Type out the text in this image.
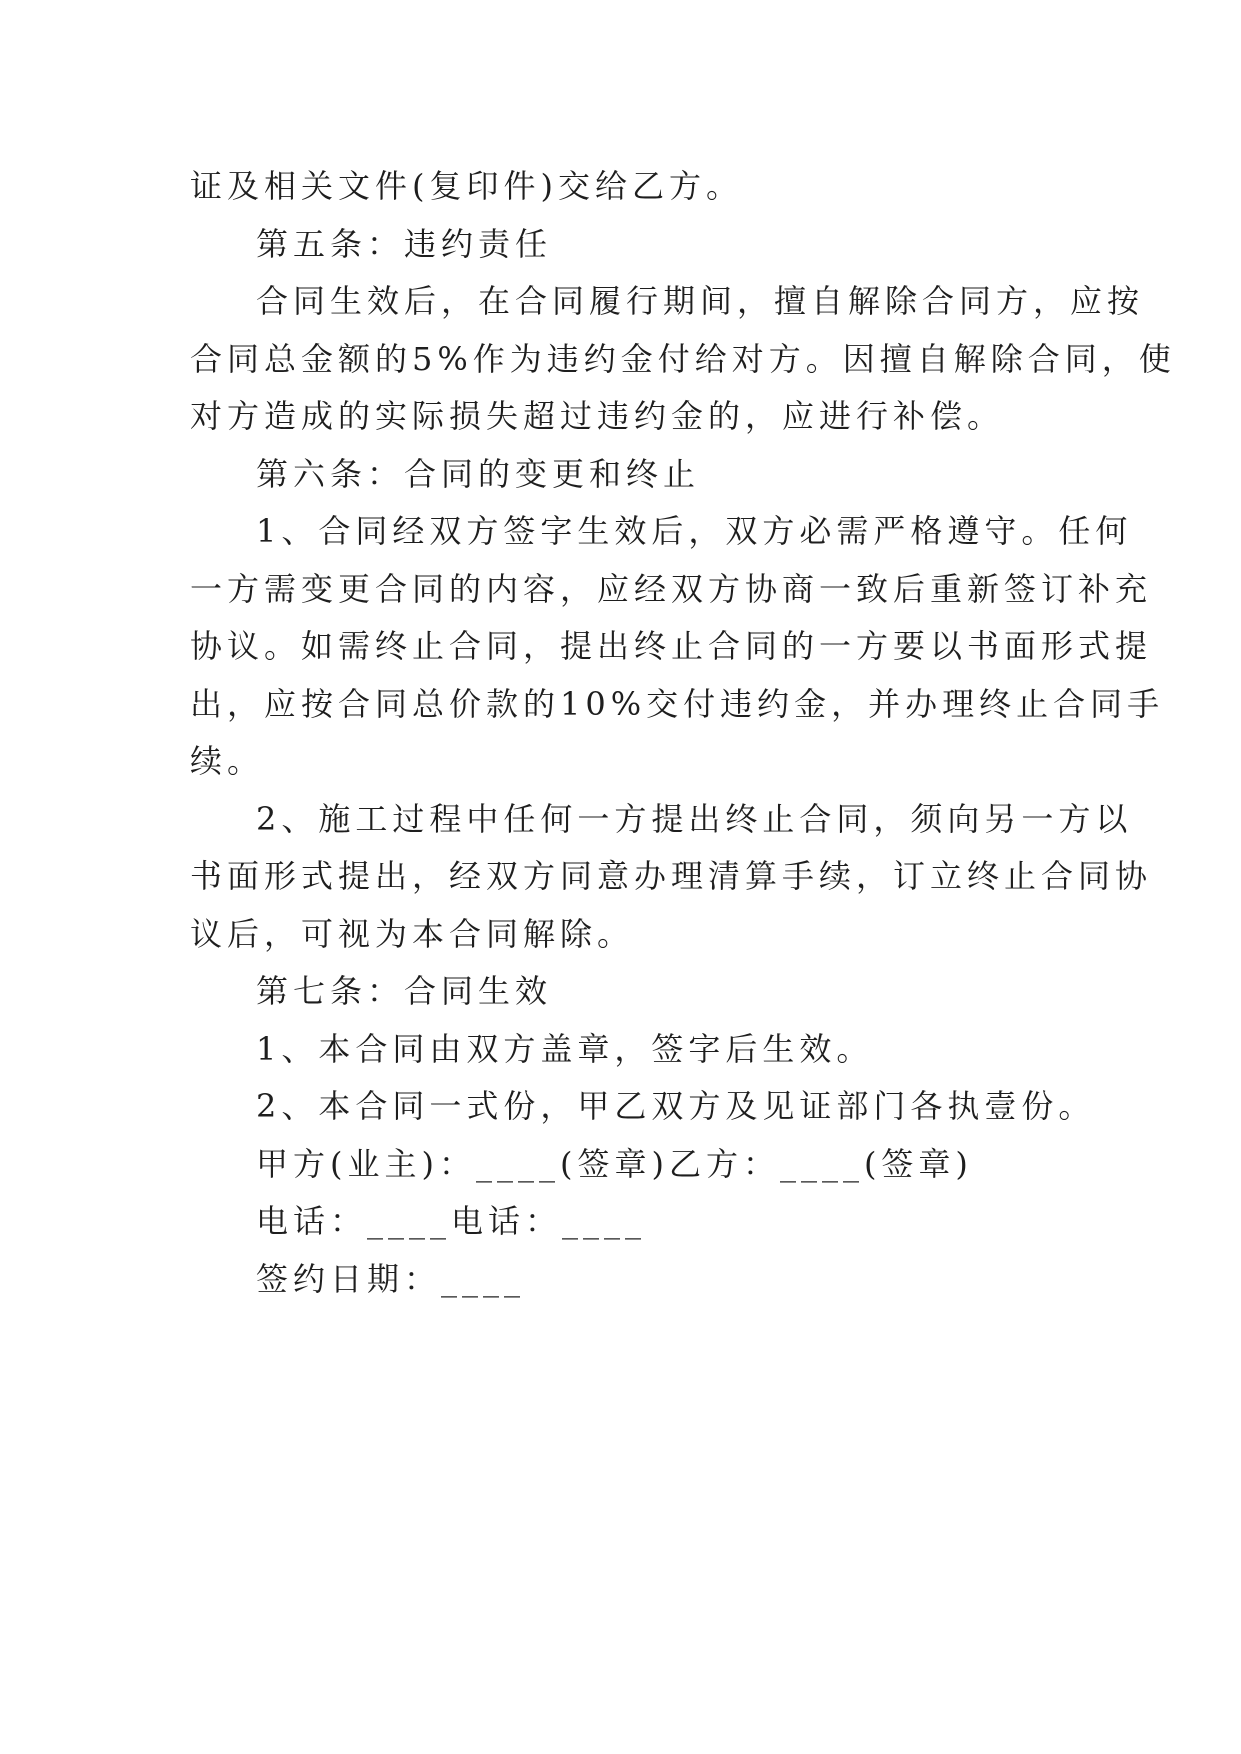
证及相关文件(复印件)交给乙方。
第五条：违约责任
合同生效后，在合同履行期间，擅自解除合同方，应按
合同总金额的5%作为违约金付给对方。因擅自解除合同，使
对方造成的实际损失超过违约金的，应进行补偿。
第六条：合同的变更和终止
1、合同经双方签字生效后，双方必需严格遵守。任何
一方需变更合同的内容，应经双方协商一致后重新签订补充
协议。如需终止合同，提出终止合同的一方要以书面形式提
出，应按合同总价款的10%交付违约金，并办理终止合同手
续。
2、施工过程中任何一方提出终止合同，须向另一方以
书面形式提出，经双方同意办理清算手续，订立终止合同协
议后，可视为本合同解除。
第七条：合同生效
1、本合同由双方盖章，签字后生效。
2、本合同一式份，甲乙双方及见证部门各执壹份。
甲方(业主)：____(签章)乙方：____(签章)
电话：____电话：____
签约日期：____
